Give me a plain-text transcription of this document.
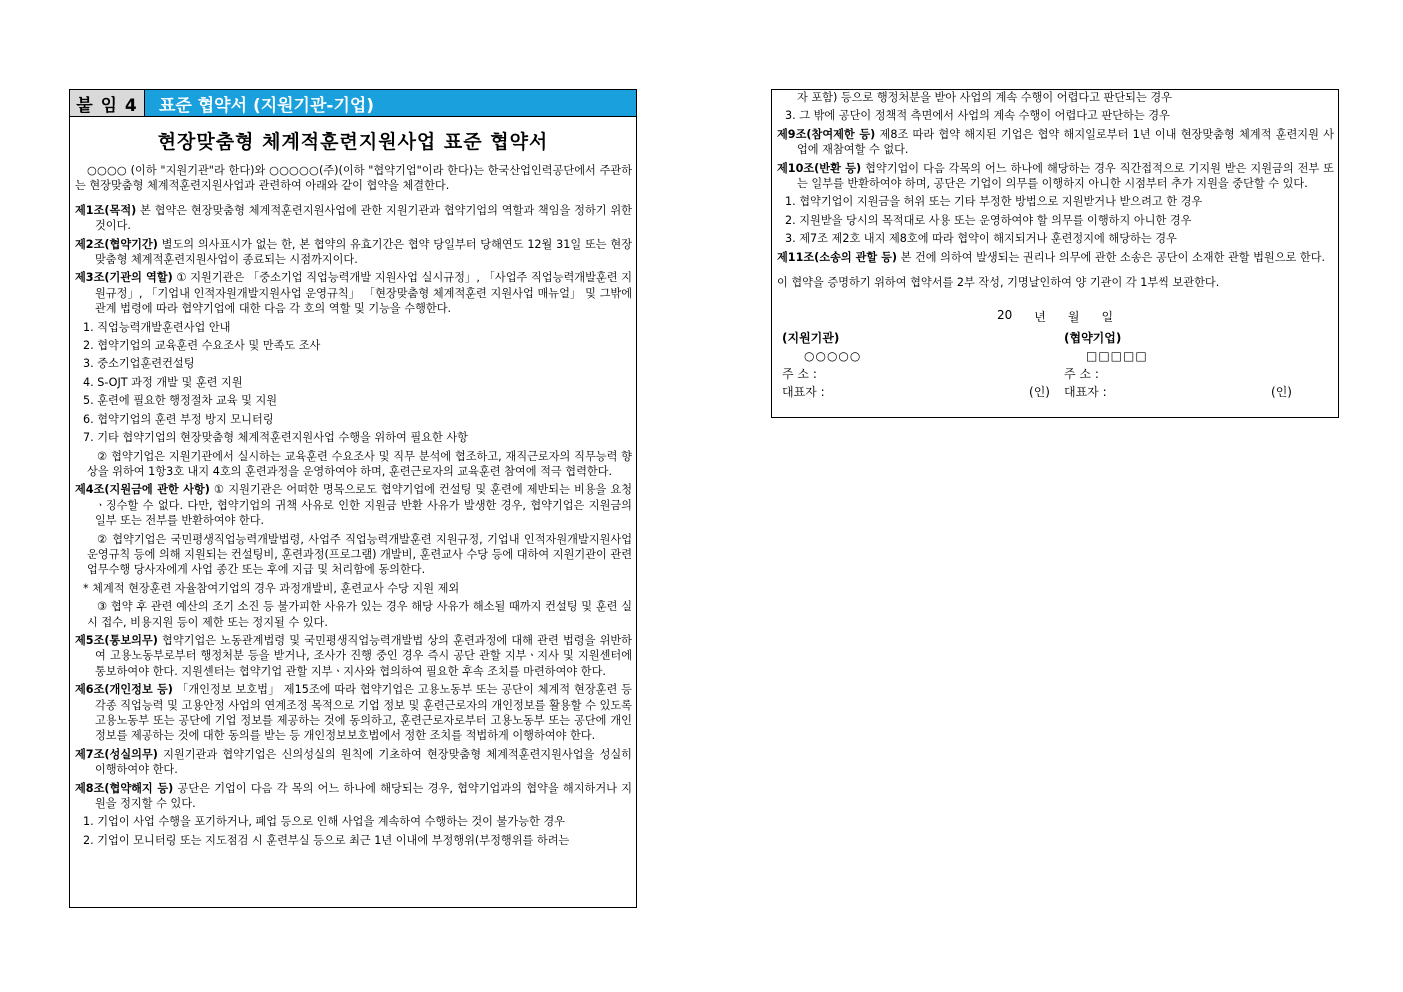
붙 임 4	표준 협약서 (지원기관-기업)
현장맞춤형 체계적훈련지원사업 표준 협약서

○○○○ (이하 "지원기관"라 한다)와 ○○○○○(주)(이하 "협약기업"이라 한다)는 한국산업인력공단에서 주관하는 현장맞춤형 체계적훈련지원사업과 관련하여 아래와 같이 협약을 체결한다.

제1조(목적) 본 협약은 현장맞춤형 체계적훈련지원사업에 관한 지원기관과 협약기업의 역할과 책임을 정하기 위한 것이다.

제2조(협약기간) 별도의 의사표시가 없는 한, 본 협약의 유효기간은 협약 당일부터 당해연도 12월 31일 또는 현장맞춤형 체계적훈련지원사업이 종료되는 시점까지이다.

제3조(기관의 역할) ① 지원기관은 「중소기업 직업능력개발 지원사업 실시규정」, 「사업주 직업능력개발훈련 지원규정」, 「기업내 인적자원개발지원사업 운영규칙」 「현장맞춤형 체계적훈련 지원사업 매뉴얼」 및 그밖에 관계 법령에 따라 협약기업에 대한 다음 각 호의 역할 및 기능을 수행한다.

1. 직업능력개발훈련사업 안내

2. 협약기업의 교육훈련 수요조사 및 만족도 조사

3. 중소기업훈련컨설팅

4. S-OJT 과정 개발 및 훈련 지원

5. 훈련에 필요한 행정절차 교육 및 지원

6. 협약기업의 훈련 부정 방지 모니터링

7. 기타 협약기업의 현장맞춤형 체계적훈련지원사업 수행을 위하여 필요한 사항

② 협약기업은 지원기관에서 실시하는 교육훈련 수요조사 및 직무 분석에 협조하고, 재직근로자의 직무능력 향상을 위하여 1항3호 내지 4호의 훈련과정을 운영하여야 하며, 훈련근로자의 교육훈련 참여에 적극 협력한다.

제4조(지원금에 관한 사항) ① 지원기관은 어떠한 명목으로도 협약기업에 컨설팅 및 훈련에 제반되는 비용을 요청ㆍ징수할 수 없다. 다만, 협약기업의 귀책 사유로 인한 지원금 반환 사유가 발생한 경우, 협약기업은 지원금의 일부 또는 전부를 반환하여야 한다.

② 협약기업은 국민평생직업능력개발법령, 사업주 직업능력개발훈련 지원규정, 기업내 인적자원개발지원사업 운영규칙 등에 의해 지원되는 컨설팅비, 훈련과정(프로그램) 개발비, 훈련교사 수당 등에 대하여 지원기관이 관련 업무수행 당사자에게 사업 종간 또는 후에 지급 및 처리함에 동의한다.

* 체계적 현장훈련 자율참여기업의 경우 과정개발비, 훈련교사 수당 지원 제외

③ 협약 후 관련 예산의 조기 소진 등 불가피한 사유가 있는 경우 해당 사유가 해소될 때까지 컨설팅 및 훈련 실시 접수, 비용지원 등이 제한 또는 정지될 수 있다.

제5조(통보의무) 협약기업은 노동관계법령 및 국민평생직업능력개발법 상의 훈련과정에 대해 관련 법령을 위반하여 고용노동부로부터 행정처분 등을 받거나, 조사가 진행 중인 경우 즉시 공단 관할 지부ㆍ지사 및 지원센터에 통보하여야 한다. 지원센터는 협약기업 관할 지부ㆍ지사와 협의하여 필요한 후속 조치를 마련하여야 한다.

제6조(개인정보 등) 「개인정보 보호법」 제15조에 따라 협약기업은 고용노동부 또는 공단이 체계적 현장훈련 등 각종 직업능력 및 고용안정 사업의 연계조정 목적으로 기업 정보 및 훈련근로자의 개인정보를 활용할 수 있도록 고용노동부 또는 공단에 기업 정보를 제공하는 것에 동의하고, 훈련근로자로부터 고용노동부 또는 공단에 개인정보를 제공하는 것에 대한 동의를 받는 등 개인정보보호법에서 정한 조치를 적법하게 이행하여야 한다.

제7조(성실의무) 지원기관과 협약기업은 신의성실의 원칙에 기초하여 현장맞춤형 체계적훈련지원사업을 성실히 이행하여야 한다.

제8조(협약해지 등) 공단은 기업이 다음 각 목의 어느 하나에 해당되는 경우, 협약기업과의 협약을 해지하거나 지원을 정지할 수 있다.

1. 기업이 사업 수행을 포기하거나, 폐업 등으로 인해 사업을 계속하여 수행하는 것이 불가능한 경우

2. 기업이 모니터링 또는 지도점검 시 훈련부실 등으로 최근 1년 이내에 부정행위(부정행위를 하려는

자 포함) 등으로 행정처분을 받아 사업의 계속 수행이 어렵다고 판단되는 경우

3. 그 밖에 공단이 정책적 측면에서 사업의 계속 수행이 어렵다고 판단하는 경우

제9조(참여제한 등) 제8조 따라 협약 해지된 기업은 협약 해지일로부터 1년 이내 현장맞춤형 체계적 훈련지원 사업에 재참여할 수 없다.

제10조(반환 등) 협약기업이 다음 각목의 어느 하나에 해당하는 경우 직간접적으로 기지원 받은 지원금의 전부 또는 일부를 반환하여야 하며, 공단은 기업이 의무를 이행하지 아니한 시점부터 추가 지원을 중단할 수 있다.

1. 협약기업이 지원금을 허위 또는 기타 부정한 방법으로 지원받거나 받으려고 한 경우

2. 지원받을 당시의 목적대로 사용 또는 운영하여야 할 의무를 이행하지 아니한 경우

3. 제7조 제2호 내지 제8호에 따라 협약이 해지되거나 훈련정지에 해당하는 경우

제11조(소송의 관할 등) 본 건에 의하여 발생되는 권리나 의무에 관한 소송은 공단이 소재한 관할 법원으로 한다.

이 협약을 증명하기 위하여 협약서를 2부 작성, 기명날인하여 양 기관이 각 1부씩 보관한다.

20 년 월 일
(지원기관)
○○○○○
주 소 :
대표자 :	(인)
(협약기업)
□□□□□
주 소 :
대표자 :	(인)
